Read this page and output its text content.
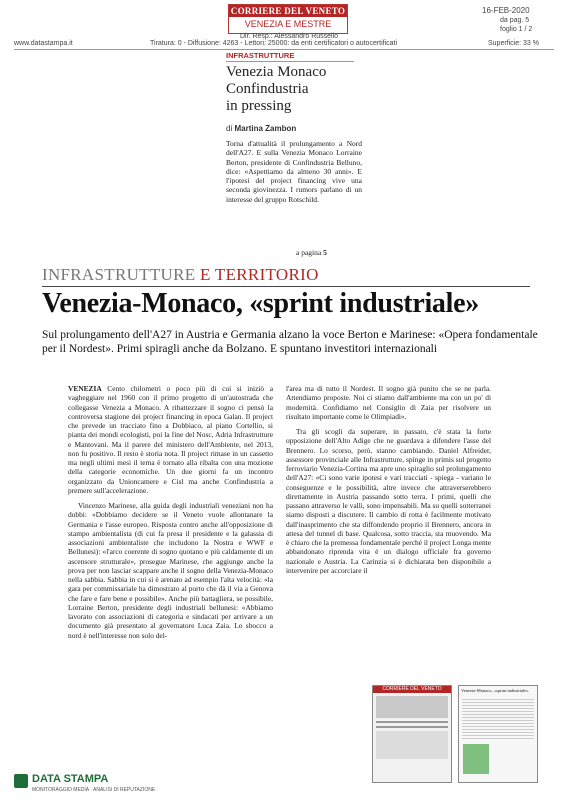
CORRIERE DEL VENETO
VENEZIA E MESTRE
16-FEB-2020
da pag. 5
foglio 1 / 2
Dir. Resp.: Alessandro Russello
www.datastampa.it	Tiratura: 0 - Diffusione: 4263 - Lettori: 25000: da enti certificatori o autocertificati	Superficie: 33 %
INFRASTRUTTURE
Venezia Monaco
Confindustria
in pressing
di Martina Zambon
Torna d'attualità il prolungamento a Nord dell'A27. E sulla Venezia Monaco Lorraine Berton, presidente di Confindustria Belluno, dice: «Aspettiamo da almeno 30 anni». E l'ipotesi del project financing vive una seconda giovinezza. I rumors parlano di un interesse del gruppo Rotschild.
a pagina 5
INFRASTRUTTURE E TERRITORIO
Venezia-Monaco, «sprint industriale»
Sul prolungamento dell'A27 in Austria e Germania alzano la voce Berton e Marinese: «Opera fondamentale per il Nordest». Primi spiragli anche da Bolzano. E spuntano investitori internazionali
VENEZIA Cento chilometri o poco più di cui si iniziò a vagheggiare nel 1960 con il primo progetto di un'autostrada che collegasse Venezia a Monaco. A ribattezzare il sogno ci pensò la controversa stagione dei project financing in epoca Galan. Il project che prevede un tracciato fino a Dobbiaco, al piano Cortellio, si pianta dei mondi ecologisti, poi la fine del Nosc, Adria Infrastrutture e Mantovani. Ma il parere del ministero dell'Ambiente, nel 2013, non fu positivo. Il resto è storia nota. Il project rimase in un cassetto ma negli ultimi mesi il tema è tornato alla ribalta con una mozione della categorie economiche. Un due giorni fa un incontro organizzato da Unioncamere e Cisl ma anche Confindustria a premere sull'accelerazione.
Vincenzo Marinese, alla guida degli industriali veneziani non ha dubbi: «Dobbiamo decidere se il Veneto vuole allontanare la Germania e l'asse europeo. Risposta contro anche all'opposizione di stampo ambientalista (di cui fa presa il presidente e la galassia di associazioni ambientaliste che includono la Nostra e WWF e Bellunesi): «l'arco coerente di sogno quotano e più caldamente di un ascensore strutturale», prosegue Marinese, che aggiunge anche la prova per non lasciar scappare anche il sogno della Venezia-Monaco nella sabbia. Sabbia in cui si è arenato ad esempio l'alta velocità: «la gara per commissariale ha dimostrato al porto che dà il via a Genova che fare e fare bene e possibile». Anche più battagliera, se possibile, Lorraine Berton, presidente degli industriali bellunesi: «Abbiamo lavorato con associazioni di categoria e sindacati per arrivare a un documento già presentato al governatore Luca Zaia. Lo sbocco a nord è nell'interesse non solo del-
l'area ma di tutto il Nordest. Il sogno già punito che se ne parla. Attendiamo proposte. Noi ci stiamo dall'ambiente ma con un po' di modernità. Confidiamo nel Consiglio di Zaia per risolvere un risultato importante come le Olimpiadi».
Tra gli scogli da superare, in passato, c'è stata la forte opposizione dell'Alto Adige che ne guardava a difendere l'asse del Brennero. Lo scorso, però, stanno cambiando. Daniel Alfreider, assessore provinciale alle Infrastrutture, spinge in primis sul progetto ferroviario Venezia-Cortina ma apre uno spiraglio sul prolungamento dell'A27: «Ci sono varie ipotesi e vari tracciati - spiega - variano le conseguenze e le possibilità, altre invece che attraverserebbero direttamente in Austria passando sotto terra. I primi, quelli che passano attraverso le valli, sono impensabili. Ma su quelli sotterranei siamo disposti a discutere. Il cambio di rotta è facilmente motivato dall'inasprimento che sta diffondendo proprio il Brennero, ancora in attesa del tunnel di base. Qualcosa, sotto traccia, sta muovendo. Ma è chiaro che la premessa fondamentale perché il project Longa mente abbandonato riprenda vita è un dialogo ufficiale fra governo nazionale e Austria. La Carinzia si è dichiarata ben disponibile a intervenire per accorciare il
CORRIERE DEL VENETO	Venezia-Monaco, «sprint industriale»
DATA STAMPA
MONITORAGGIO MEDIA · ANALISI DI REPUTAZIONE
